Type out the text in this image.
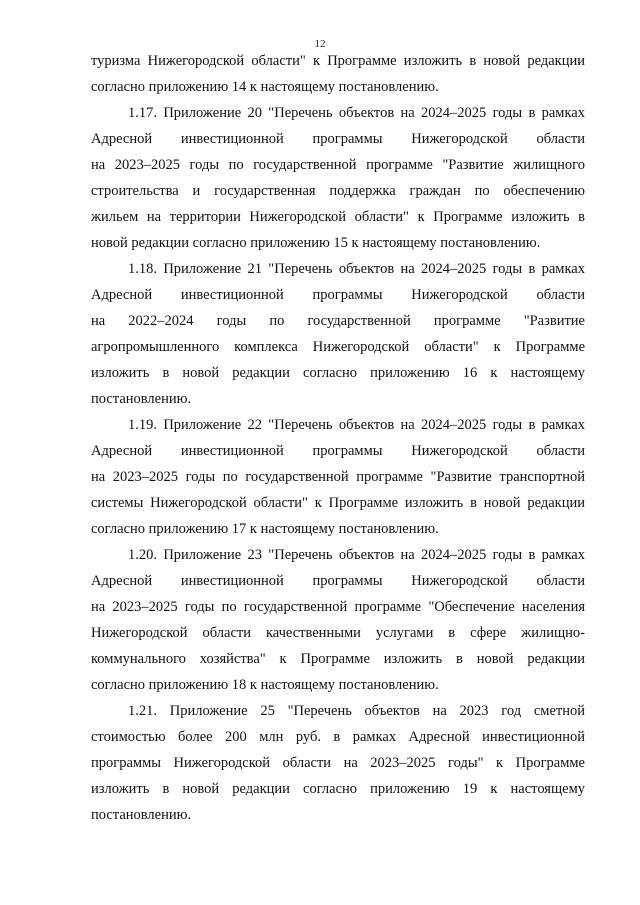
12
туризма Нижегородской области" к Программе изложить в новой редакции
согласно приложению 14 к настоящему постановлению.
1.17. Приложение 20 "Перечень объектов на 2024–2025 годы в рамках
Адресной инвестиционной программы Нижегородской области
на 2023–2025 годы по государственной программе "Развитие жилищного
строительства и государственная поддержка граждан по обеспечению
жильем на территории Нижегородской области" к Программе изложить в
новой редакции согласно приложению 15 к настоящему постановлению.
1.18. Приложение 21 "Перечень объектов на 2024–2025 годы в рамках
Адресной инвестиционной программы Нижегородской области
на 2022–2024 годы по государственной программе "Развитие
агропромышленного комплекса Нижегородской области" к Программе
изложить в новой редакции согласно приложению 16 к настоящему
постановлению.
1.19. Приложение 22 "Перечень объектов на 2024–2025 годы в рамках
Адресной инвестиционной программы Нижегородской области
на 2023–2025 годы по государственной программе "Развитие транспортной
системы Нижегородской области" к Программе изложить в новой редакции
согласно приложению 17 к настоящему постановлению.
1.20. Приложение 23 "Перечень объектов на 2024–2025 годы в рамках
Адресной инвестиционной программы Нижегородской области
на 2023–2025 годы по государственной программе "Обеспечение населения
Нижегородской области качественными услугами в сфере жилищно-
коммунального хозяйства" к Программе изложить в новой редакции
согласно приложению 18 к настоящему постановлению.
1.21. Приложение 25 "Перечень объектов на 2023 год сметной
стоимостью более 200 млн руб. в рамках Адресной инвестиционной
программы Нижегородской области на 2023–2025 годы" к Программе
изложить в новой редакции согласно приложению 19 к настоящему
постановлению.
